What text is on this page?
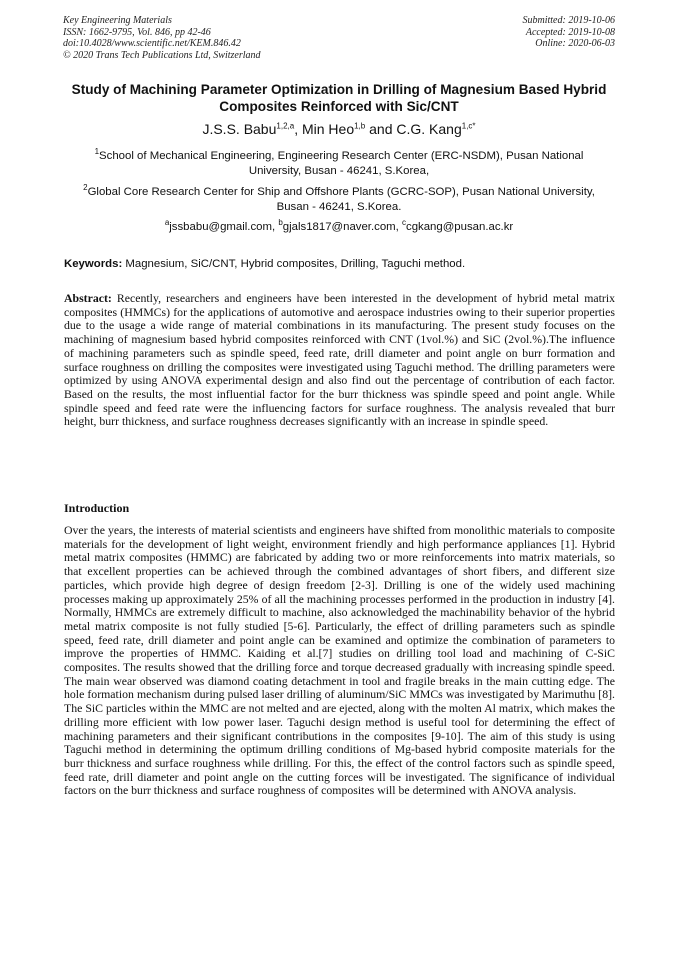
Key Engineering Materials
ISSN: 1662-9795, Vol. 846, pp 42-46
doi:10.4028/www.scientific.net/KEM.846.42
© 2020 Trans Tech Publications Ltd, Switzerland
Submitted: 2019-10-06
Accepted: 2019-10-08
Online: 2020-06-03
Study of Machining Parameter Optimization in Drilling of Magnesium Based Hybrid Composites Reinforced with Sic/CNT
J.S.S. Babu$^{1,2,a}$, Min Heo$^{1,b}$ and C.G. Kang$^{1,c*}$
$^1$School of Mechanical Engineering, Engineering Research Center (ERC-NSDM), Pusan National University, Busan - 46241, S.Korea,
$^2$Global Core Research Center for Ship and Offshore Plants (GCRC-SOP), Pusan National University, Busan - 46241, S.Korea.
$^a$jssbabu@gmail.com, $^b$gjals1817@naver.com, $^c$cgkang@pusan.ac.kr
Keywords: Magnesium, SiC/CNT, Hybrid composites, Drilling, Taguchi method.
Abstract: Recently, researchers and engineers have been interested in the development of hybrid metal matrix composites (HMMCs) for the applications of automotive and aerospace industries owing to their superior properties due to the usage a wide range of material combinations in its manufacturing. The present study focuses on the machining of magnesium based hybrid composites reinforced with CNT (1vol.%) and SiC (2vol.%).The influence of machining parameters such as spindle speed, feed rate, drill diameter and point angle on burr formation and surface roughness on drilling the composites were investigated using Taguchi method. The drilling parameters were optimized by using ANOVA experimental design and also find out the percentage of contribution of each factor. Based on the results, the most influential factor for the burr thickness was spindle speed and point angle. While spindle speed and feed rate were the influencing factors for surface roughness. The analysis revealed that burr height, burr thickness, and surface roughness decreases significantly with an increase in spindle speed.
Introduction
Over the years, the interests of material scientists and engineers have shifted from monolithic materials to composite materials for the development of light weight, environment friendly and high performance appliances [1]. Hybrid metal matrix composites (HMMC) are fabricated by adding two or more reinforcements into matrix materials, so that excellent properties can be achieved through the combined advantages of short fibers, and different size particles, which provide high degree of design freedom [2-3]. Drilling is one of the widely used machining processes making up approximately 25% of all the machining processes performed in the production in industry [4]. Normally, HMMCs are extremely difficult to machine, also acknowledged the machinability behavior of the hybrid metal matrix composite is not fully studied [5-6]. Particularly, the effect of drilling parameters such as spindle speed, feed rate, drill diameter and point angle can be examined and optimize the combination of parameters to improve the properties of HMMC. Kaiding et al.[7] studies on drilling tool load and machining of C-SiC composites. The results showed that the drilling force and torque decreased gradually with increasing spindle speed. The main wear observed was diamond coating detachment in tool and fragile breaks in the main cutting edge. The hole formation mechanism during pulsed laser drilling of aluminum/SiC MMCs was investigated by Marimuthu [8]. The SiC particles within the MMC are not melted and are ejected, along with the molten Al matrix, which makes the drilling more efficient with low power laser. Taguchi design method is useful tool for determining the effect of machining parameters and their significant contributions in the composites [9-10]. The aim of this study is using Taguchi method in determining the optimum drilling conditions of Mg-based hybrid composite materials for the burr thickness and surface roughness while drilling. For this, the effect of the control factors such as spindle speed, feed rate, drill diameter and point angle on the cutting forces will be investigated. The significance of individual factors on the burr thickness and surface roughness of composites will be determined with ANOVA analysis.
